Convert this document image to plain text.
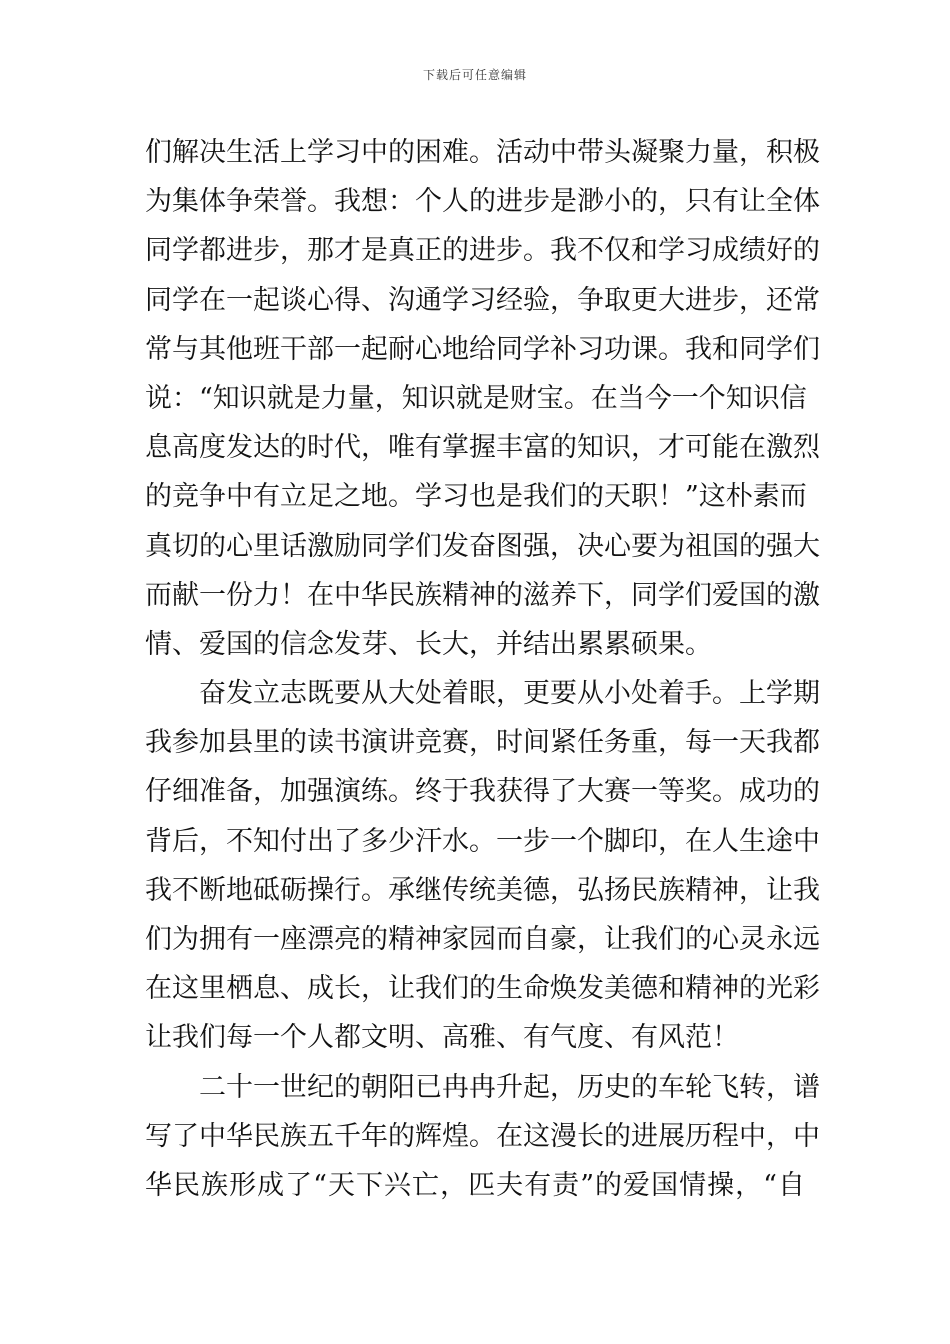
下载后可任意编辑
们解决生活上学习中的困难。活动中带头凝聚力量，积极
为集体争荣誉。我想：个人的进步是渺小的，只有让全体
同学都进步，那才是真正的进步。我不仅和学习成绩好的
同学在一起谈心得、沟通学习经验，争取更大进步，还常
常与其他班干部一起耐心地给同学补习功课。我和同学们
说：“知识就是力量，知识就是财宝。在当今一个知识信
息高度发达的时代，唯有掌握丰富的知识，才可能在激烈
的竞争中有立足之地。学习也是我们的天职！”这朴素而
真切的心里话激励同学们发奋图强，决心要为祖国的强大
而献一份力！在中华民族精神的滋养下，同学们爱国的激
情、爱国的信念发芽、长大，并结出累累硕果。
奋发立志既要从大处着眼，更要从小处着手。上学期
我参加县里的读书演讲竞赛，时间紧任务重，每一天我都
仔细准备，加强演练。终于我获得了大赛一等奖。成功的
背后，不知付出了多少汗水。一步一个脚印，在人生途中
我不断地砥砺操行。承继传统美德，弘扬民族精神，让我
们为拥有一座漂亮的精神家园而自豪，让我们的心灵永远
在这里栖息、成长，让我们的生命焕发美德和精神的光彩
让我们每一个人都文明、高雅、有气度、有风范！
二十一世纪的朝阳已冉冉升起，历史的车轮飞转，谱
写了中华民族五千年的辉煌。在这漫长的进展历程中，中
华民族形成了“天下兴亡，匹夫有责”的爱国情操，“自
